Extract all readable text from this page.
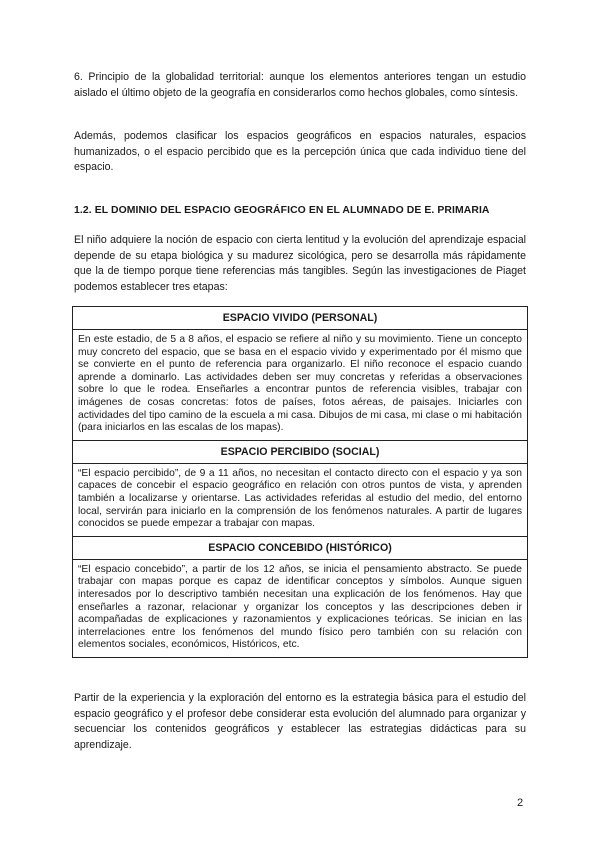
6. Principio de la globalidad territorial: aunque los elementos anteriores tengan un estudio aislado el último objeto de la geografía en considerarlos como hechos globales, como síntesis.

Además, podemos clasificar los espacios geográficos en espacios naturales, espacios humanizados, o el espacio percibido que es la percepción única que cada individuo tiene del espacio.

1.2. EL DOMINIO DEL ESPACIO GEOGRÁFICO EN EL ALUMNADO DE E. PRIMARIA

El niño adquiere la noción de espacio con cierta lentitud y la evolución del aprendizaje espacial depende de su etapa biológica y su madurez sicológica, pero se desarrolla más rápidamente que la de tiempo porque tiene referencias más tangibles. Según las investigaciones de Piaget podemos establecer tres etapas:

ESPACIO VIVIDO (PERSONAL)
En este estadio, de 5 a 8 años, el espacio se refiere al niño y su movimiento. Tiene un concepto muy concreto del espacio, que se basa en el espacio vivido y experimentado por él mismo que se convierte en el punto de referencia para organizarlo. El niño reconoce el espacio cuando aprende a dominarlo. Las actividades deben ser muy concretas y referidas a observaciones sobre lo que le rodea. Enseñarles a encontrar puntos de referencia visibles, trabajar con imágenes de cosas concretas: fotos de países, fotos aéreas, de paisajes. Iniciarles con actividades del tipo camino de la escuela a mi casa. Dibujos de mi casa, mi clase o mi habitación (para iniciarlos en las escalas de los mapas).
ESPACIO PERCIBIDO (SOCIAL)
“El espacio percibido”, de 9 a 11 años, no necesitan el contacto directo con el espacio y ya son capaces de concebir el espacio geográfico en relación con otros puntos de vista, y aprenden también a localizarse y orientarse. Las actividades referidas al estudio del medio, del entorno local, servirán para iniciarlo en la comprensión de los fenómenos naturales. A partir de lugares conocidos se puede empezar a trabajar con mapas.
ESPACIO CONCEBIDO (HISTÓRICO)
“El espacio concebido”, a partir de los 12 años, se inicia el pensamiento abstracto. Se puede trabajar con mapas porque es capaz de identificar conceptos y símbolos. Aunque siguen interesados por lo descriptivo también necesitan una explicación de los fenómenos. Hay que enseñarles a razonar, relacionar y organizar los conceptos y las descripciones deben ir acompañadas de explicaciones y razonamientos y explicaciones teóricas. Se inician en las interrelaciones entre los fenómenos del mundo físico pero también con su relación con elementos sociales, económicos, Históricos, etc.

Partir de la experiencia y la exploración del entorno es la estrategia básica para el estudio del espacio geográfico y el profesor debe considerar esta evolución del alumnado para organizar y secuenciar los contenidos geográficos y establecer las estrategias didácticas para su aprendizaje.

2
